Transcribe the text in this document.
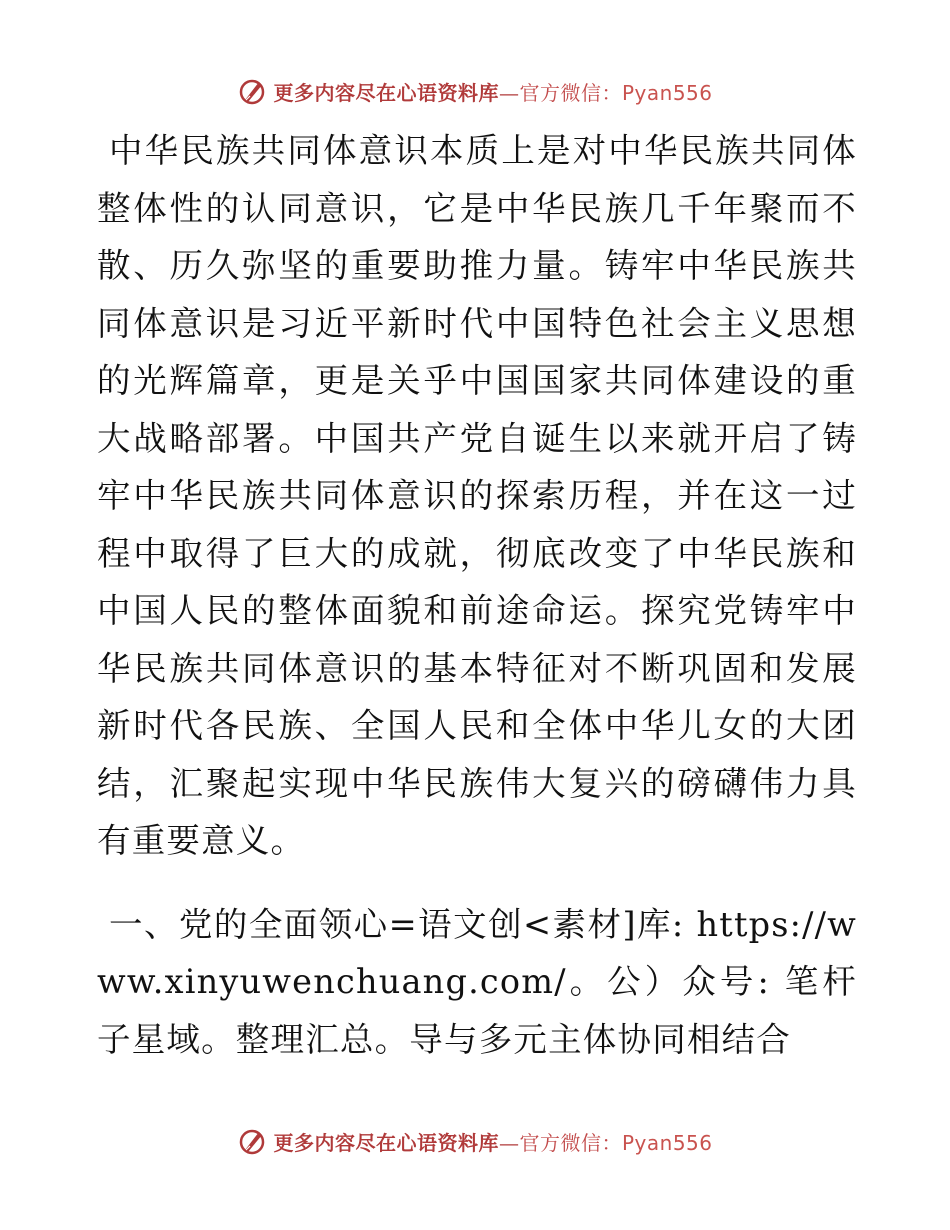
更多内容尽在心语资料库—官方微信：Pyan556

中华民族共同体意识本质上是对中华民族共同体整体性的认同意识，它是中华民族几千年聚而不散、历久弥坚的重要助推力量。铸牢中华民族共同体意识是习近平新时代中国特色社会主义思想的光辉篇章，更是关乎中国国家共同体建设的重大战略部署。中国共产党自诞生以来就开启了铸牢中华民族共同体意识的探索历程，并在这一过程中取得了巨大的成就，彻底改变了中华民族和中国人民的整体面貌和前途命运。探究党铸牢中华民族共同体意识的基本特征对不断巩固和发展新时代各民族、全国人民和全体中华儿女的大团结，汇聚起实现中华民族伟大复兴的磅礴伟力具有重要意义。

一、党的全面领心=语文创<素材]库: https://www.xinyuwenchuang.com/。公）众号: 笔杆子星域。整理汇总。导与多元主体协同相结合

更多内容尽在心语资料库—官方微信：Pyan556
